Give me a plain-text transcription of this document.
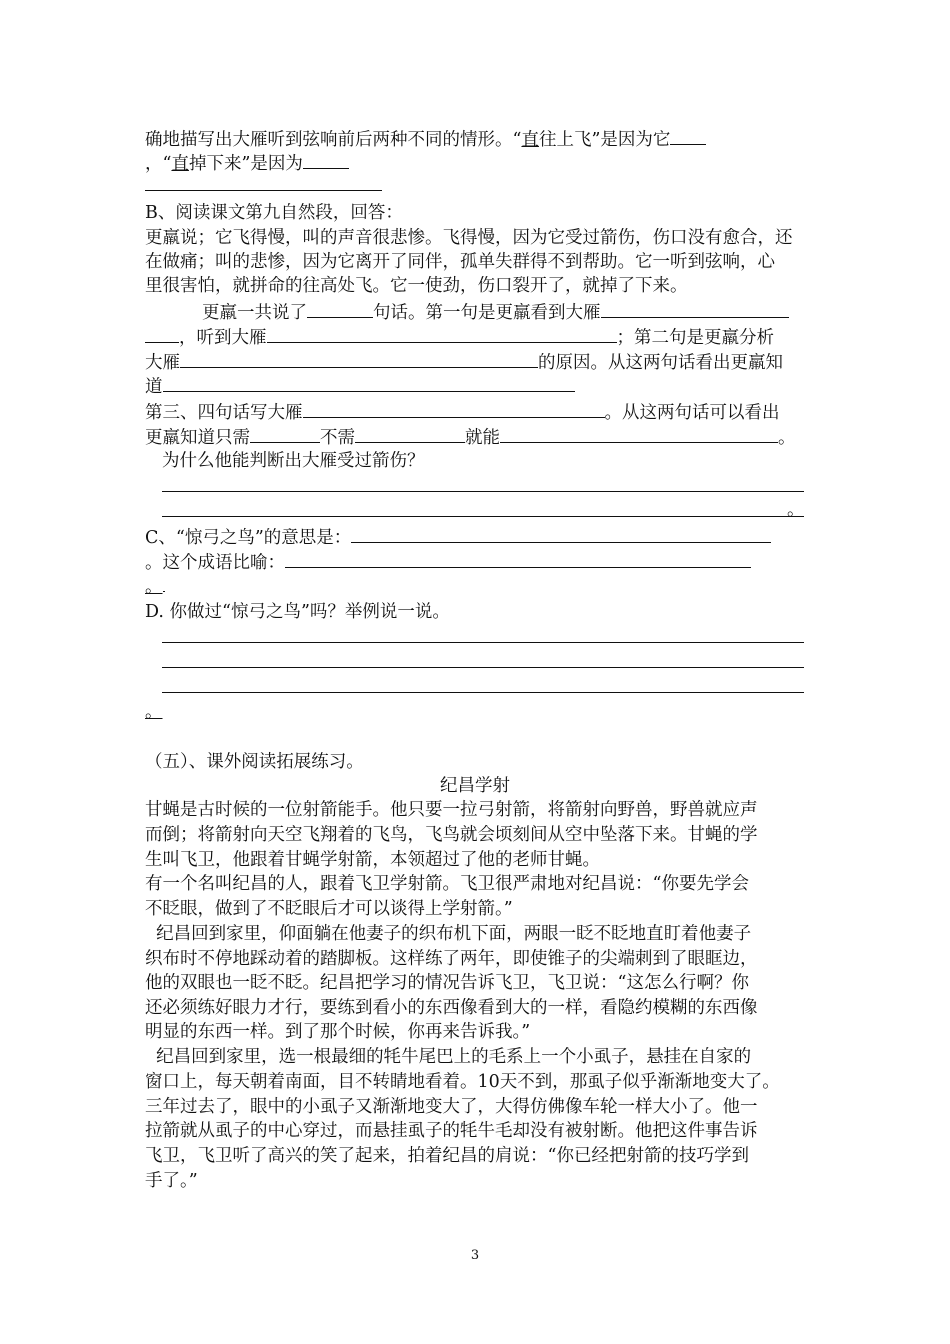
确地描写出大雁听到弦响前后两种不同的情形。“直往上飞”是因为它
，“直掉下来”是因为
B、阅读课文第九自然段，回答：
更羸说；它飞得慢，叫的声音很悲惨。飞得慢，因为它受过箭伤，伤口没有愈合，还
在做痛；叫的悲惨，因为它离开了同伴，孤单失群得不到帮助。它一听到弦响，心
里很害怕，就拼命的往高处飞。它一使劲，伤口裂开了，就掉了下来。
更羸一共说了	句话。第一句是更羸看到大雁
，听到大雁	；第二句是更羸分析
大雁	的原因。从这两句话看出更羸知
道
第三、四句话写大雁	。从这两句话可以看出
更羸知道只需	不需	就能	。
为什么他能判断出大雁受过箭伤？
。
C、“惊弓之鸟”的意思是：
。这个成语比喻：
。
D. 你做过“惊弓之鸟”吗？举例说一说。
。
（五）、课外阅读拓展练习。
纪昌学射
甘蝇是古时候的一位射箭能手。他只要一拉弓射箭，将箭射向野兽，野兽就应声
而倒；将箭射向天空飞翔着的飞鸟，飞鸟就会顷刻间从空中坠落下来。甘蝇的学
生叫飞卫，他跟着甘蝇学射箭，本领超过了他的老师甘蝇。
有一个名叫纪昌的人，跟着飞卫学射箭。飞卫很严肃地对纪昌说：“你要先学会
不眨眼，做到了不眨眼后才可以谈得上学射箭。”
纪昌回到家里，仰面躺在他妻子的织布机下面，两眼一眨不眨地直盯着他妻子
织布时不停地踩动着的踏脚板。这样练了两年，即使锥子的尖端刺到了眼眶边，
他的双眼也一眨不眨。纪昌把学习的情况告诉飞卫，飞卫说：“这怎么行啊？你
还必须练好眼力才行，要练到看小的东西像看到大的一样，看隐约模糊的东西像
明显的东西一样。到了那个时候，你再来告诉我。”
纪昌回到家里，选一根最细的牦牛尾巴上的毛系上一个小虱子，悬挂在自家的
窗口上，每天朝着南面，目不转睛地看着。10天不到，那虱子似乎渐渐地变大了。
三年过去了，眼中的小虱子又渐渐地变大了，大得仿佛像车轮一样大小了。他一
拉箭就从虱子的中心穿过，而悬挂虱子的牦牛毛却没有被射断。他把这件事告诉
飞卫，飞卫听了高兴的笑了起来，拍着纪昌的肩说：“你已经把射箭的技巧学到
手了。”
3
